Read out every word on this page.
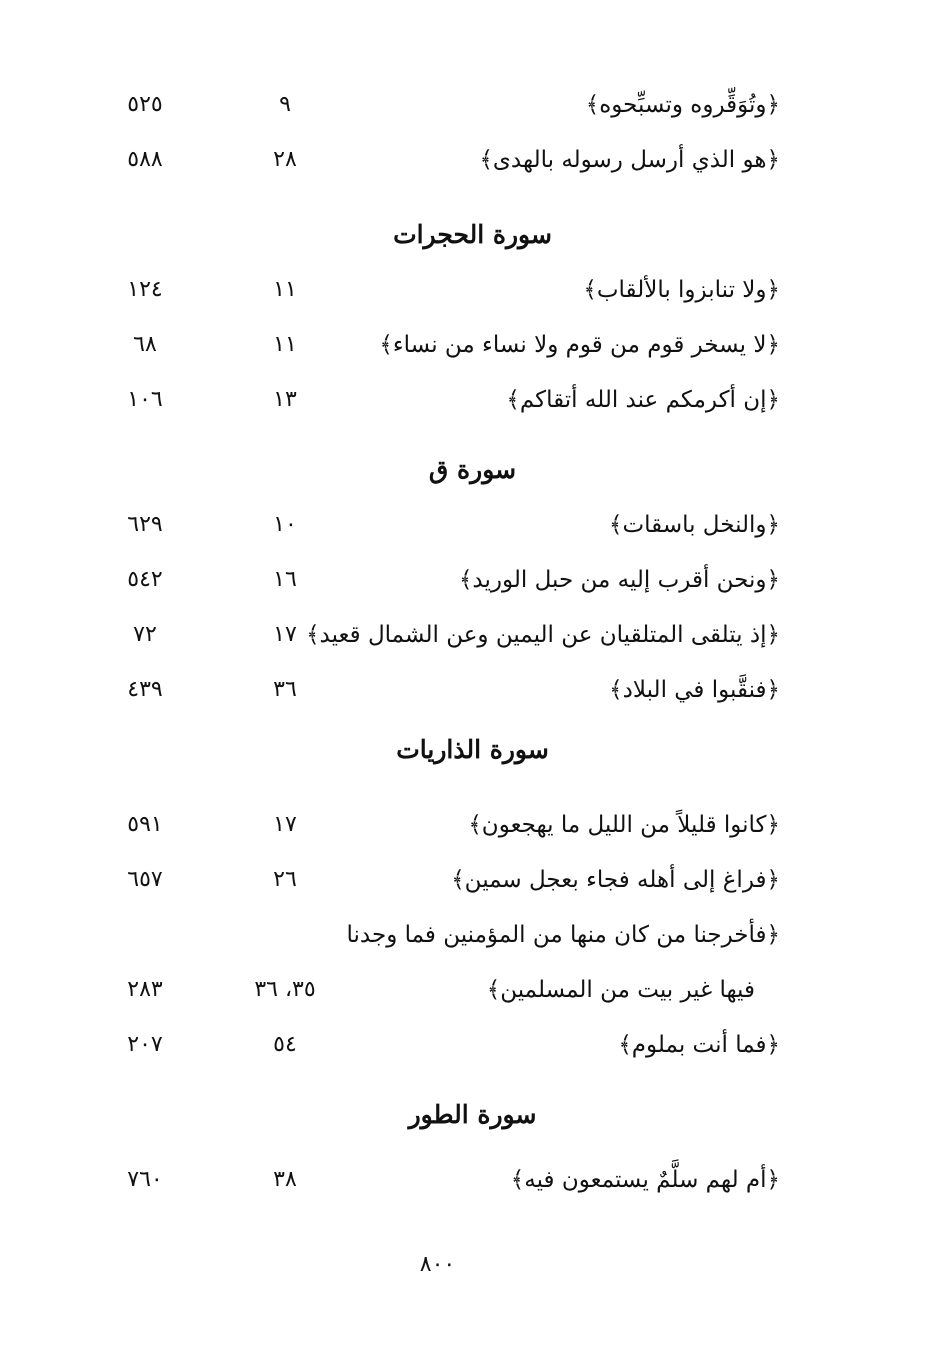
﴿وتُوَقِّروه وتسبِّحوه﴾
٩
٥٢٥
﴿هو الذي أرسل رسوله بالهدى﴾
٢٨
٥٨٨
سورة الحجرات
﴿ولا تنابزوا بالألقاب﴾
١١
١٢٤
﴿لا يسخر قوم من قوم ولا نساء من نساء﴾
١١
٦٨
﴿إن أكرمكم عند الله أتقاكم﴾
١٣
١٠٦
سورة ق
﴿والنخل باسقات﴾
١٠
٦٢٩
﴿ونحن أقرب إليه من حبل الوريد﴾
١٦
٥٤٢
﴿إذ يتلقى المتلقيان عن اليمين وعن الشمال قعيد﴾
١٧
٧٢
﴿فنقَّبوا في البلاد﴾
٣٦
٤٣٩
سورة الذاريات
﴿كانوا قليلاً من الليل ما يهجعون﴾
١٧
٥٩١
﴿فراغ إلى أهله فجاء بعجل سمين﴾
٢٦
٦٥٧
﴿فأخرجنا من كان منها من المؤمنين فما وجدنا
فيها غير بيت من المسلمين﴾
٣٥، ٣٦
٢٨٣
﴿فما أنت بملوم﴾
٥٤
٢٠٧
سورة الطور
﴿أم لهم سلَّمٌ يستمعون فيه﴾
٣٨
٧٦٠
٨٠٠
